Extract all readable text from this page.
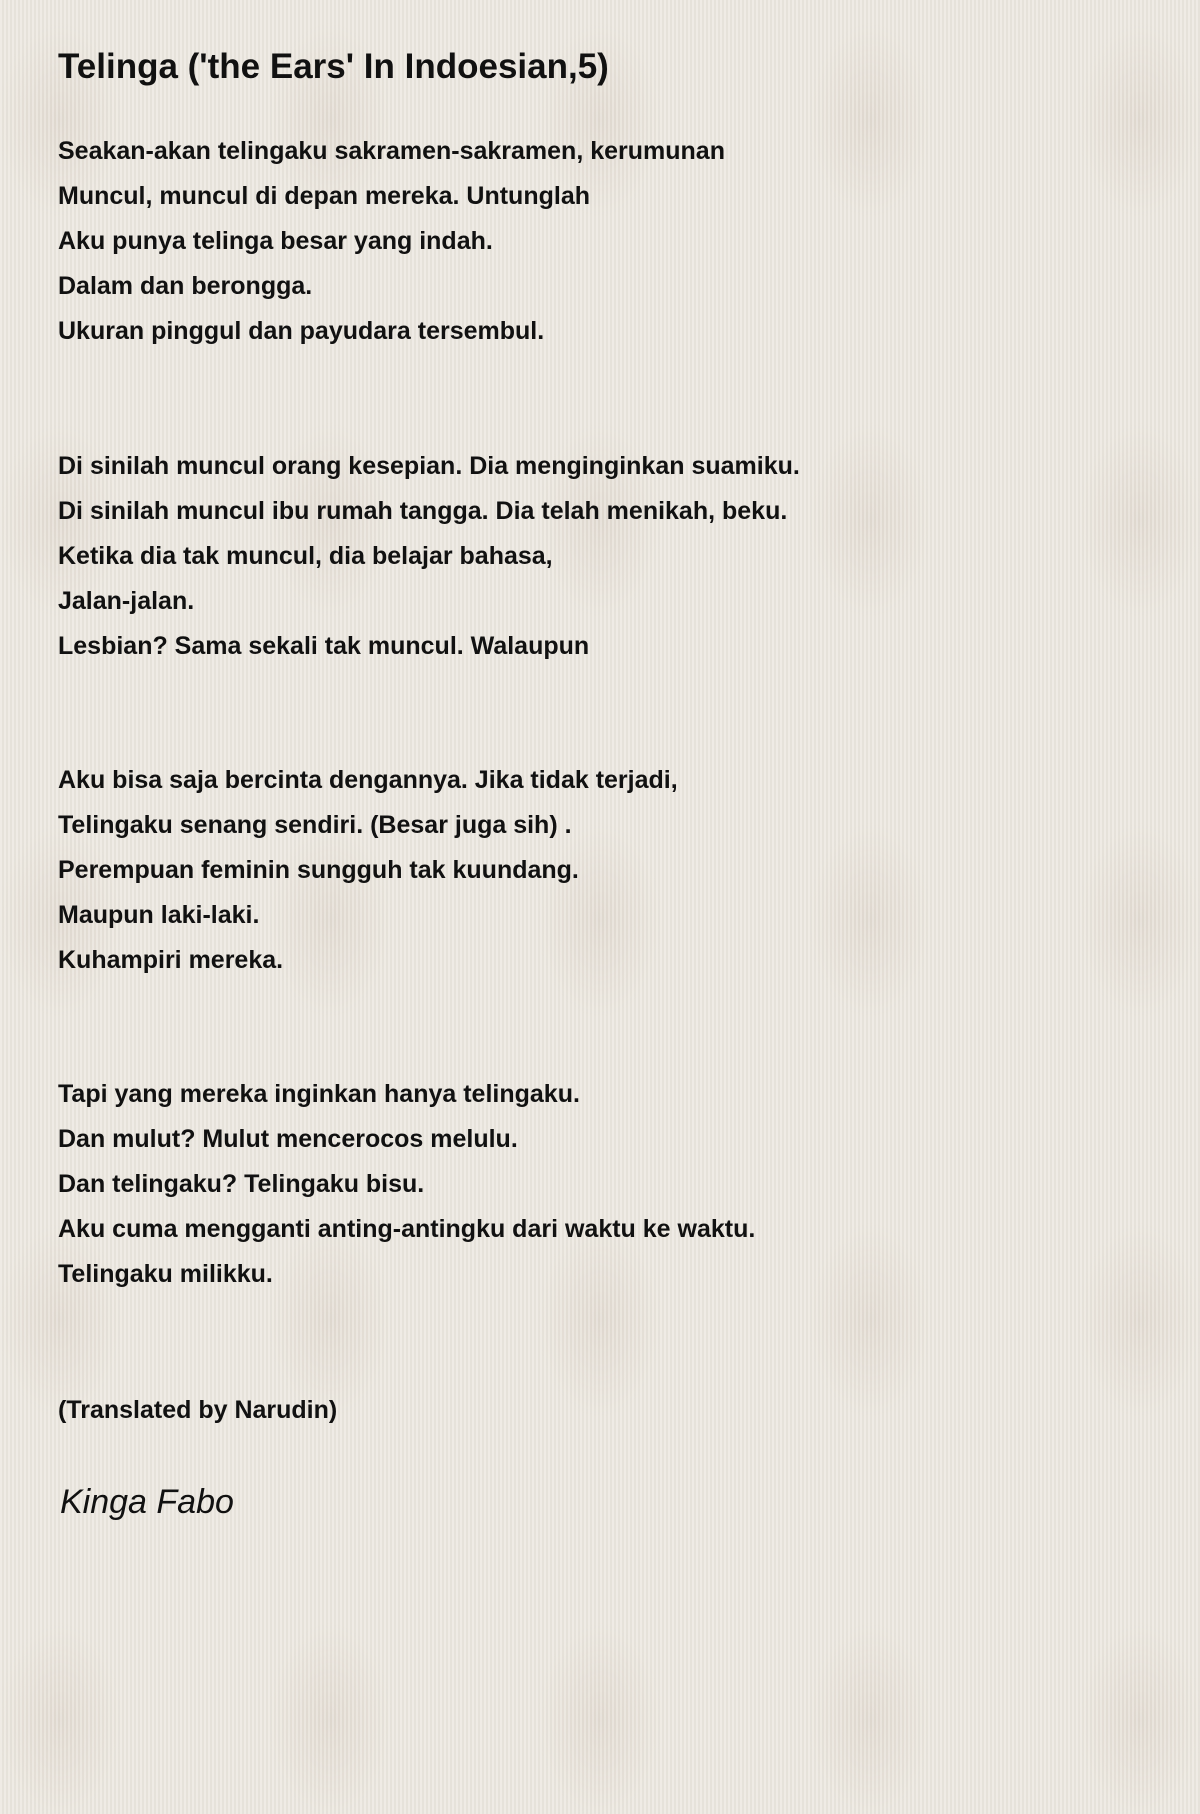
Telinga ('the Ears' In Indoesian,5)
Seakan-akan telingaku sakramen-sakramen, kerumunan
Muncul, muncul di depan mereka. Untunglah
Aku punya telinga besar yang indah.
Dalam dan berongga.
Ukuran pinggul dan payudara tersembul.
Di sinilah muncul orang kesepian. Dia menginginkan suamiku.
Di sinilah muncul ibu rumah tangga. Dia telah menikah, beku.
Ketika dia tak muncul, dia belajar bahasa,
Jalan-jalan.
Lesbian? Sama sekali tak muncul. Walaupun
Aku bisa saja bercinta dengannya. Jika tidak terjadi,
Telingaku senang sendiri. (Besar juga sih) .
Perempuan feminin sungguh tak kuundang.
Maupun laki-laki.
Kuhampiri mereka.
Tapi yang mereka inginkan hanya telingaku.
Dan mulut? Mulut mencerocos melulu.
Dan telingaku? Telingaku bisu.
Aku cuma mengganti anting-antingku dari waktu ke waktu.
Telingaku milikku.
(Translated by Narudin)
Kinga Fabo
